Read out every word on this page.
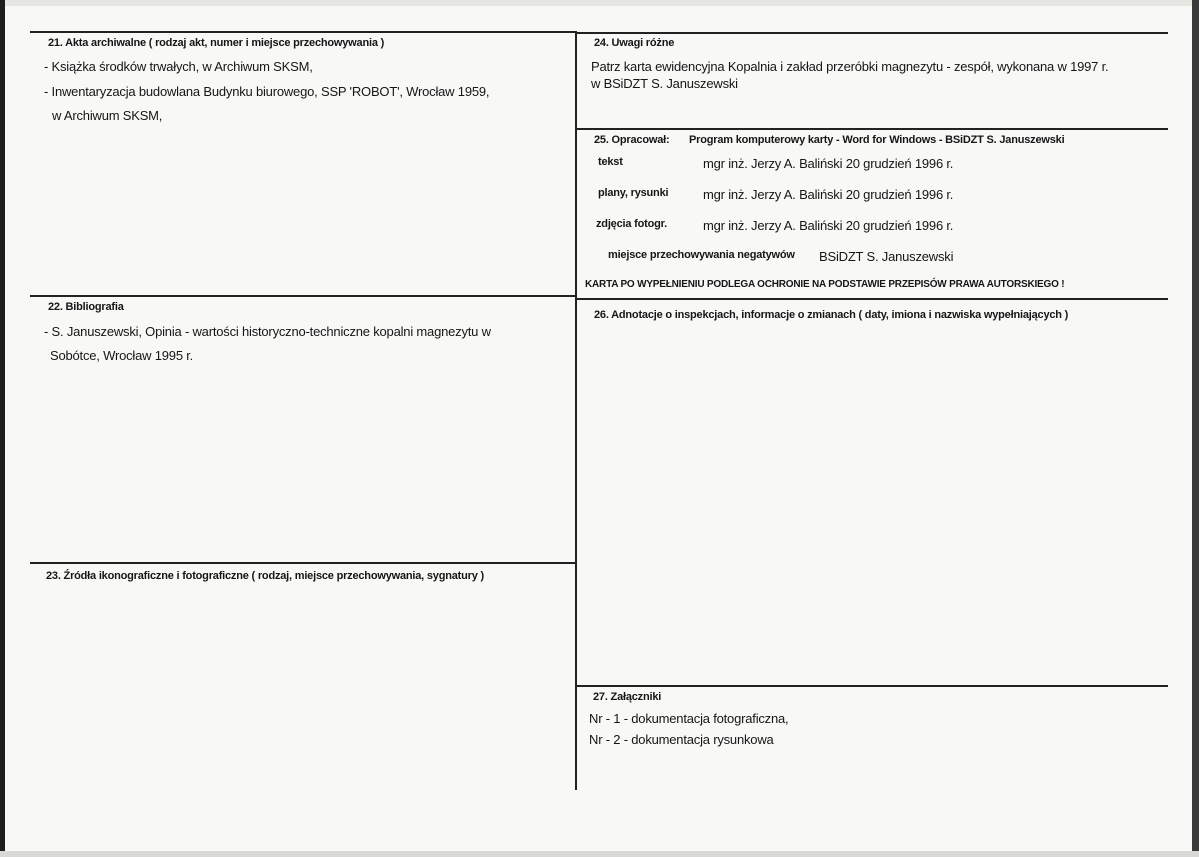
21. Akta archiwalne ( rodzaj akt, numer i miejsce przechowywania )
- Książka środków trwałych, w Archiwum SKSM,
- Inwentaryzacja budowlana Budynku biurowego, SSP 'ROBOT', Wrocław 1959,
w Archiwum SKSM,
22. Bibliografia
- S. Januszewski, Opinia - wartości historyczno-techniczne kopalni magnezytu w
Sobótce, Wrocław 1995 r.
23. Źródła ikonograficzne i fotograficzne ( rodzaj, miejsce przechowywania, sygnatury )
24. Uwagi różne
Patrz karta ewidencyjna Kopalnia i zakład przeróbki magnezytu - zespół, wykonana w 1997 r.
w BSiDZT S. Januszewski
25. Opracował: Program komputerowy karty - Word for Windows - BSiDZT S. Januszewski
tekst	mgr inż. Jerzy A. Baliński 20 grudzień 1996 r.
plany, rysunki	mgr inż. Jerzy A. Baliński 20 grudzień 1996 r.
zdjęcia fotogr.	mgr inż. Jerzy A. Baliński 20 grudzień 1996 r.
miejsce przechowywania negatywów BSiDZT S. Januszewski
KARTA PO WYPEŁNIENIU PODLEGA OCHRONIE NA PODSTAWIE PRZEPISÓW PRAWA AUTORSKIEGO !
26. Adnotacje o inspekcjach, informacje o zmianach ( daty, imiona i nazwiska wypełniających )
27. Załączniki
Nr - 1 - dokumentacja fotograficzna,
Nr - 2 - dokumentacja rysunkowa
